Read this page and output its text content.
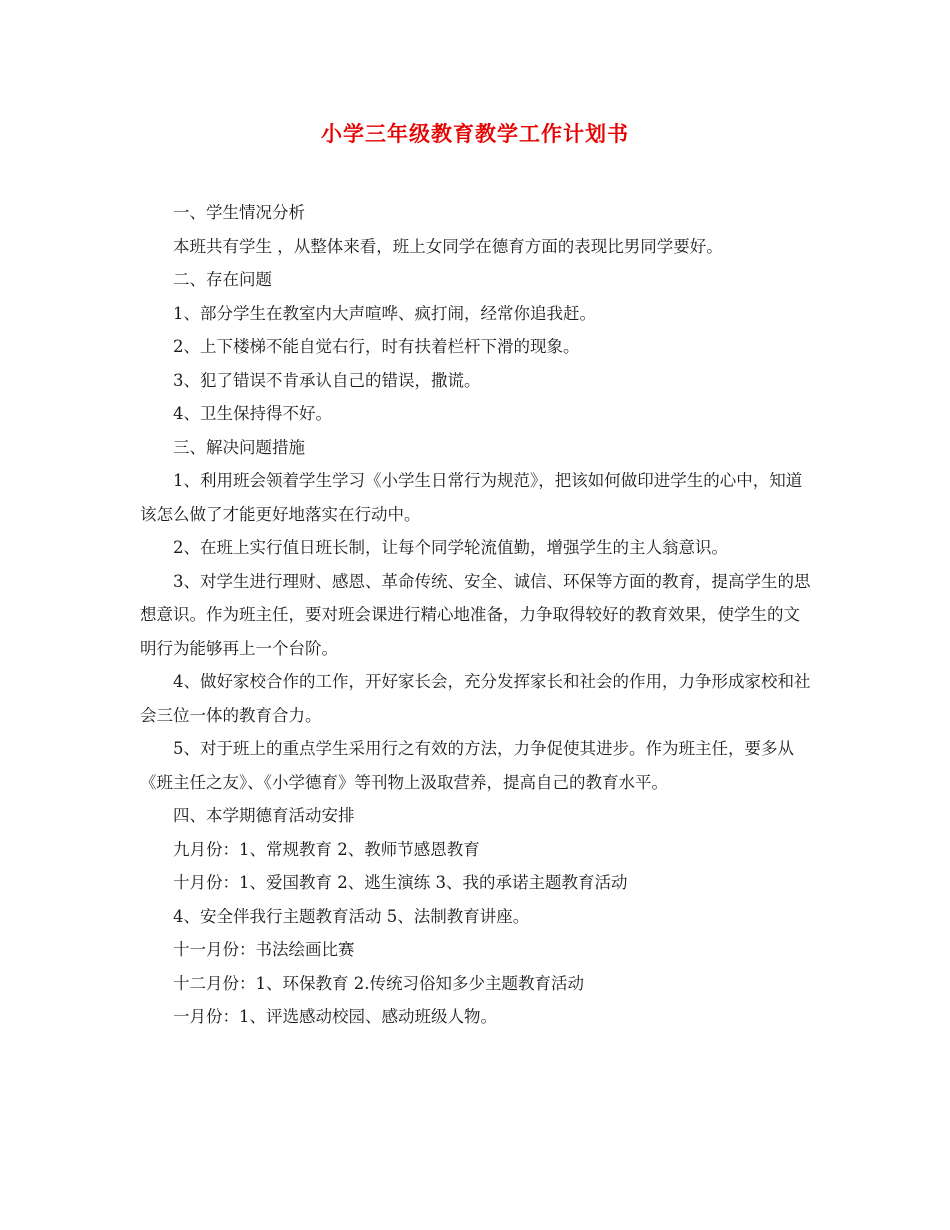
小学三年级教育教学工作计划书

一、学生情况分析

本班共有学生 ，从整体来看，班上女同学在德育方面的表现比男同学要好。

二、存在问题

1、部分学生在教室内大声喧哗、疯打闹，经常你追我赶。

2、上下楼梯不能自觉右行，时有扶着栏杆下滑的现象。

3、犯了错误不肯承认自己的错误，撒谎。

4、卫生保持得不好。

三、解决问题措施

1、利用班会领着学生学习《小学生日常行为规范》，把该如何做印进学生的心中，知道该怎么做了才能更好地落实在行动中。

2、在班上实行值日班长制，让每个同学轮流值勤，增强学生的主人翁意识。

3、对学生进行理财、感恩、革命传统、安全、诚信、环保等方面的教育，提高学生的思想意识。作为班主任，要对班会课进行精心地准备，力争取得较好的教育效果，使学生的文明行为能够再上一个台阶。

4、做好家校合作的工作，开好家长会，充分发挥家长和社会的作用，力争形成家校和社会三位一体的教育合力。

5、对于班上的重点学生采用行之有效的方法，力争促使其进步。作为班主任，要多从《班主任之友》、《小学德育》等刊物上汲取营养，提高自己的教育水平。

四、本学期德育活动安排

九月份：1、常规教育 2、教师节感恩教育

十月份：1、爱国教育 2、逃生演练 3、我的承诺主题教育活动

4、安全伴我行主题教育活动 5、法制教育讲座。

十一月份：书法绘画比赛

十二月份：1、环保教育 2.传统习俗知多少主题教育活动

一月份：1、评选感动校园、感动班级人物。
